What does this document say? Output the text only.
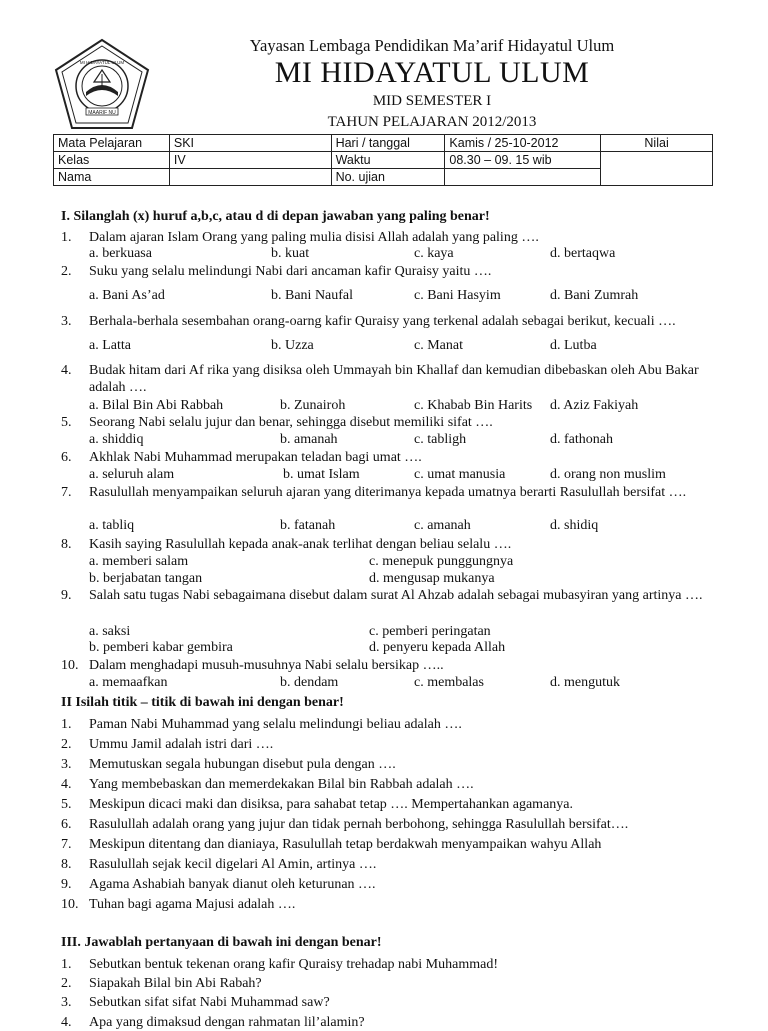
MAARIF NU
MI HIDAYATUL ULUM
Yayasan Lembaga Pendidikan Ma’arif Hidayatul Ulum
MI HIDAYATUL ULUM
MID SEMESTER I
TAHUN PELAJARAN 2012/2013
Mata Pelajaran	SKI	Hari / tanggal	Kamis / 25-10-2012	Nilai
Kelas	IV	Waktu	08.30 – 09. 15 wib	
Nama		No. ujian		
I. Silanglah (x) huruf a,b,c, atau d di depan jawaban yang paling benar!
1. Dalam ajaran Islam Orang yang paling mulia disisi Allah adalah yang paling ….
a. berkuasa	b. kuat	c. kaya	d. bertaqwa
2. Suku yang selalu melindungi Nabi dari ancaman kafir Quraisy yaitu ….
a. Bani As’ad	b. Bani Naufal	c. Bani Hasyim	d. Bani Zumrah
3. Berhala-berhala sesembahan orang-oarng kafir Quraisy yang terkenal adalah sebagai berikut, kecuali ….
a. Latta	b. Uzza	c. Manat	d. Lutba
4. Budak hitam dari Af rika yang disiksa oleh Ummayah bin Khallaf dan kemudian dibebaskan oleh Abu Bakar adalah ….
a. Bilal Bin Abi Rabbah	b. Zunairoh	c. Khabab Bin Harits d. Aziz Fakiyah
5. Seorang Nabi selalu jujur dan benar, sehingga disebut memiliki sifat ….
a. shiddiq	b. amanah	c. tabligh	d. fathonah
6. Akhlak Nabi Muhammad merupakan teladan bagi umat ….
a. seluruh alam	b. umat Islam	c. umat manusia	d. orang non muslim
7. Rasulullah menyampaikan seluruh ajaran yang diterimanya kepada umatnya berarti Rasulullah bersifat ….
a. tabliq	b. fatanah	c. amanah	d. shidiq
8. Kasih saying Rasulullah kepada anak-anak terlihat dengan beliau selalu ….
a. memberi salam
b. berjabatan tangan
c. menepuk punggungnya
d. mengusap mukanya
9. Salah satu tugas Nabi sebagaimana disebut dalam surat Al Ahzab adalah sebagai mubasyiran yang artinya ….
a. saksi
b. pemberi kabar gembira
c. pemberi peringatan
d. penyeru kepada Allah
10. Dalam menghadapi musuh-musuhnya Nabi selalu bersikap …..
a. memaafkan	b. dendam	c. membalas	d. mengutuk
II Isilah titik – titik di bawah ini dengan benar!
1. Paman Nabi Muhammad yang selalu melindungi beliau adalah ….
2. Ummu Jamil adalah istri dari ….
3. Memutuskan segala hubungan disebut pula dengan ….
4. Yang membebaskan dan memerdekakan Bilal bin Rabbah adalah ….
5. Meskipun dicaci maki dan disiksa, para sahabat tetap …. Mempertahankan agamanya.
6. Rasulullah adalah orang yang jujur dan tidak pernah berbohong, sehingga Rasulullah bersifat….
7. Meskipun ditentang dan dianiaya, Rasulullah tetap berdakwah menyampaikan wahyu Allah
8. Rasulullah sejak kecil digelari Al Amin, artinya ….
9. Agama Ashabiah banyak dianut oleh keturunan ….
10. Tuhan bagi agama Majusi adalah ….
III. Jawablah pertanyaan di bawah ini dengan benar!
1. Sebutkan bentuk tekenan orang kafir Quraisy trehadap nabi Muhammad!
2. Siapakah Bilal bin Abi Rabah?
3. Sebutkan sifat sifat Nabi Muhammad saw?
4. Apa yang dimaksud dengan rahmatan lil’alamin?
